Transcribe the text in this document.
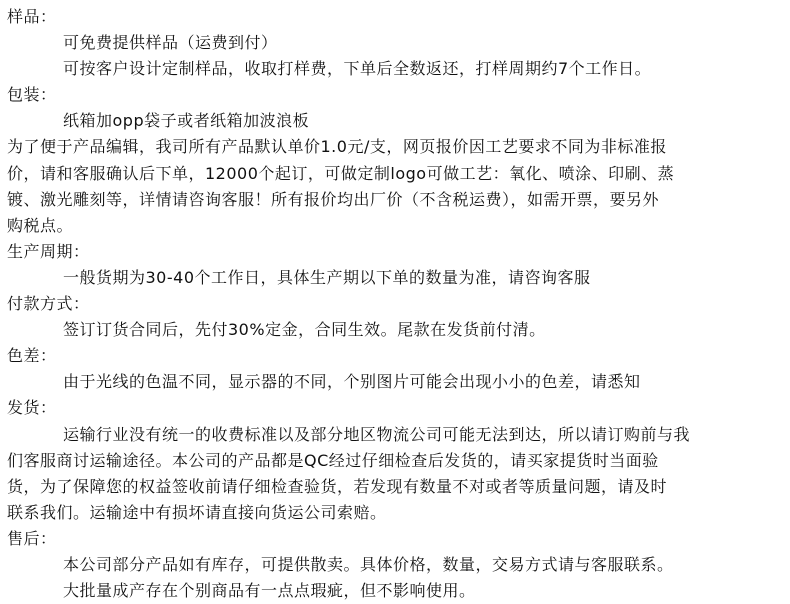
样品：
可免费提供样品（运费到付）
可按客户设计定制样品，收取打样费，下单后全数返还，打样周期约7个工作日。
包装：
纸箱加opp袋子或者纸箱加波浪板
为了便于产品编辑，我司所有产品默认单价1.0元/支，网页报价因工艺要求不同为非标准报
价，请和客服确认后下单，12000个起订，可做定制logo可做工艺：氧化、喷涂、印刷、蒸
镀、激光雕刻等，详情请咨询客服！所有报价均出厂价（不含税运费），如需开票，要另外
购税点。
生产周期：
一般货期为30-40个工作日，具体生产期以下单的数量为准，请咨询客服
付款方式：
签订订货合同后，先付30%定金，合同生效。尾款在发货前付清。
色差：
由于光线的色温不同，显示器的不同，个别图片可能会出现小小的色差，请悉知
发货：
运输行业没有统一的收费标准以及部分地区物流公司可能无法到达，所以请订购前与我
们客服商讨运输途径。本公司的产品都是QC经过仔细检查后发货的，请买家提货时当面验
货，为了保障您的权益签收前请仔细检查验货，若发现有数量不对或者等质量问题，请及时
联系我们。运输途中有损坏请直接向货运公司索赔。
售后：
本公司部分产品如有库存，可提供散卖。具体价格，数量，交易方式请与客服联系。
大批量成产存在个别商品有一点点瑕疵，但不影响使用。
